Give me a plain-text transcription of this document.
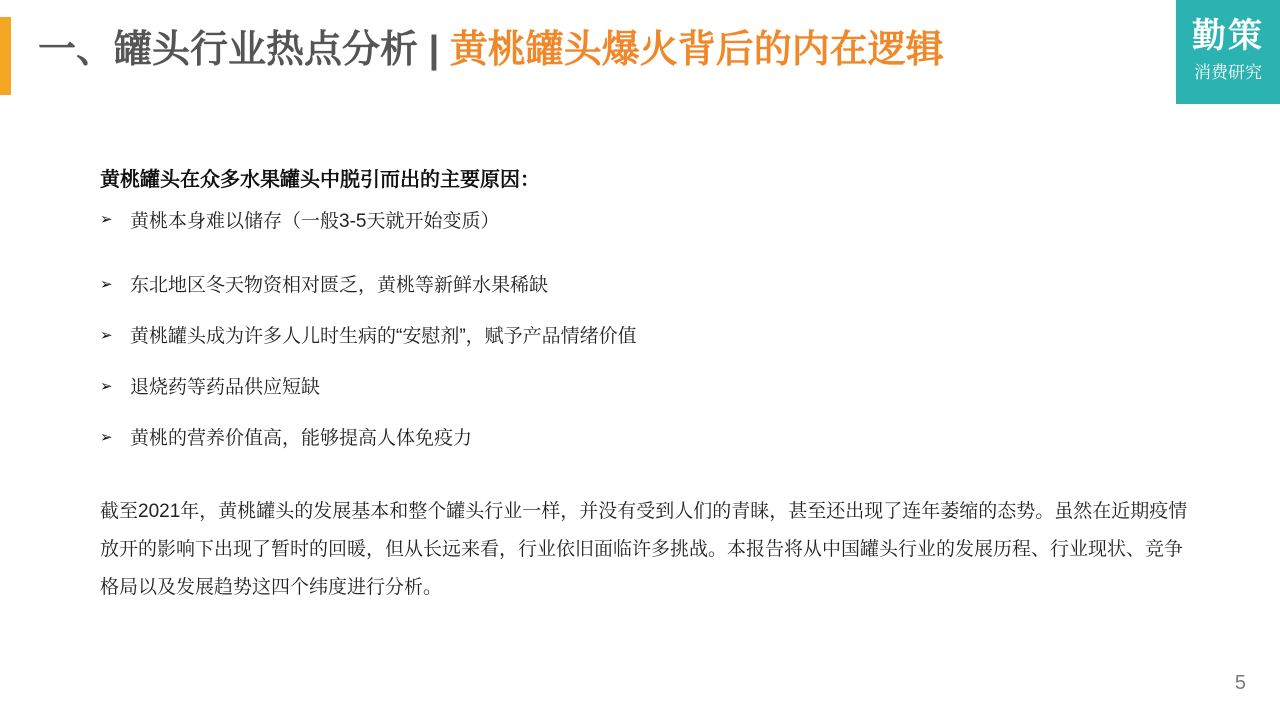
一、罐头行业热点分析 | 黄桃罐头爆火背后的内在逻辑	勤策
消费研究
黄桃罐头在众多水果罐头中脱引而出的主要原因：
➢ 黄桃本身难以储存（一般3-5天就开始变质）
➢ 东北地区冬天物资相对匮乏，黄桃等新鲜水果稀缺
➢ 黄桃罐头成为许多人儿时生病的“安慰剂”，赋予产品情绪价值
➢ 退烧药等药品供应短缺
➢ 黄桃的营养价值高，能够提高人体免疫力

截至2021年，黄桃罐头的发展基本和整个罐头行业一样，并没有受到人们的青睐，甚至还出现了连年萎缩的态势。虽然在近期疫情放开的影响下出现了暂时的回暖，但从长远来看，行业依旧面临许多挑战。本报告将从中国罐头行业的发展历程、行业现状、竞争格局以及发展趋势这四个纬度进行分析。

5
